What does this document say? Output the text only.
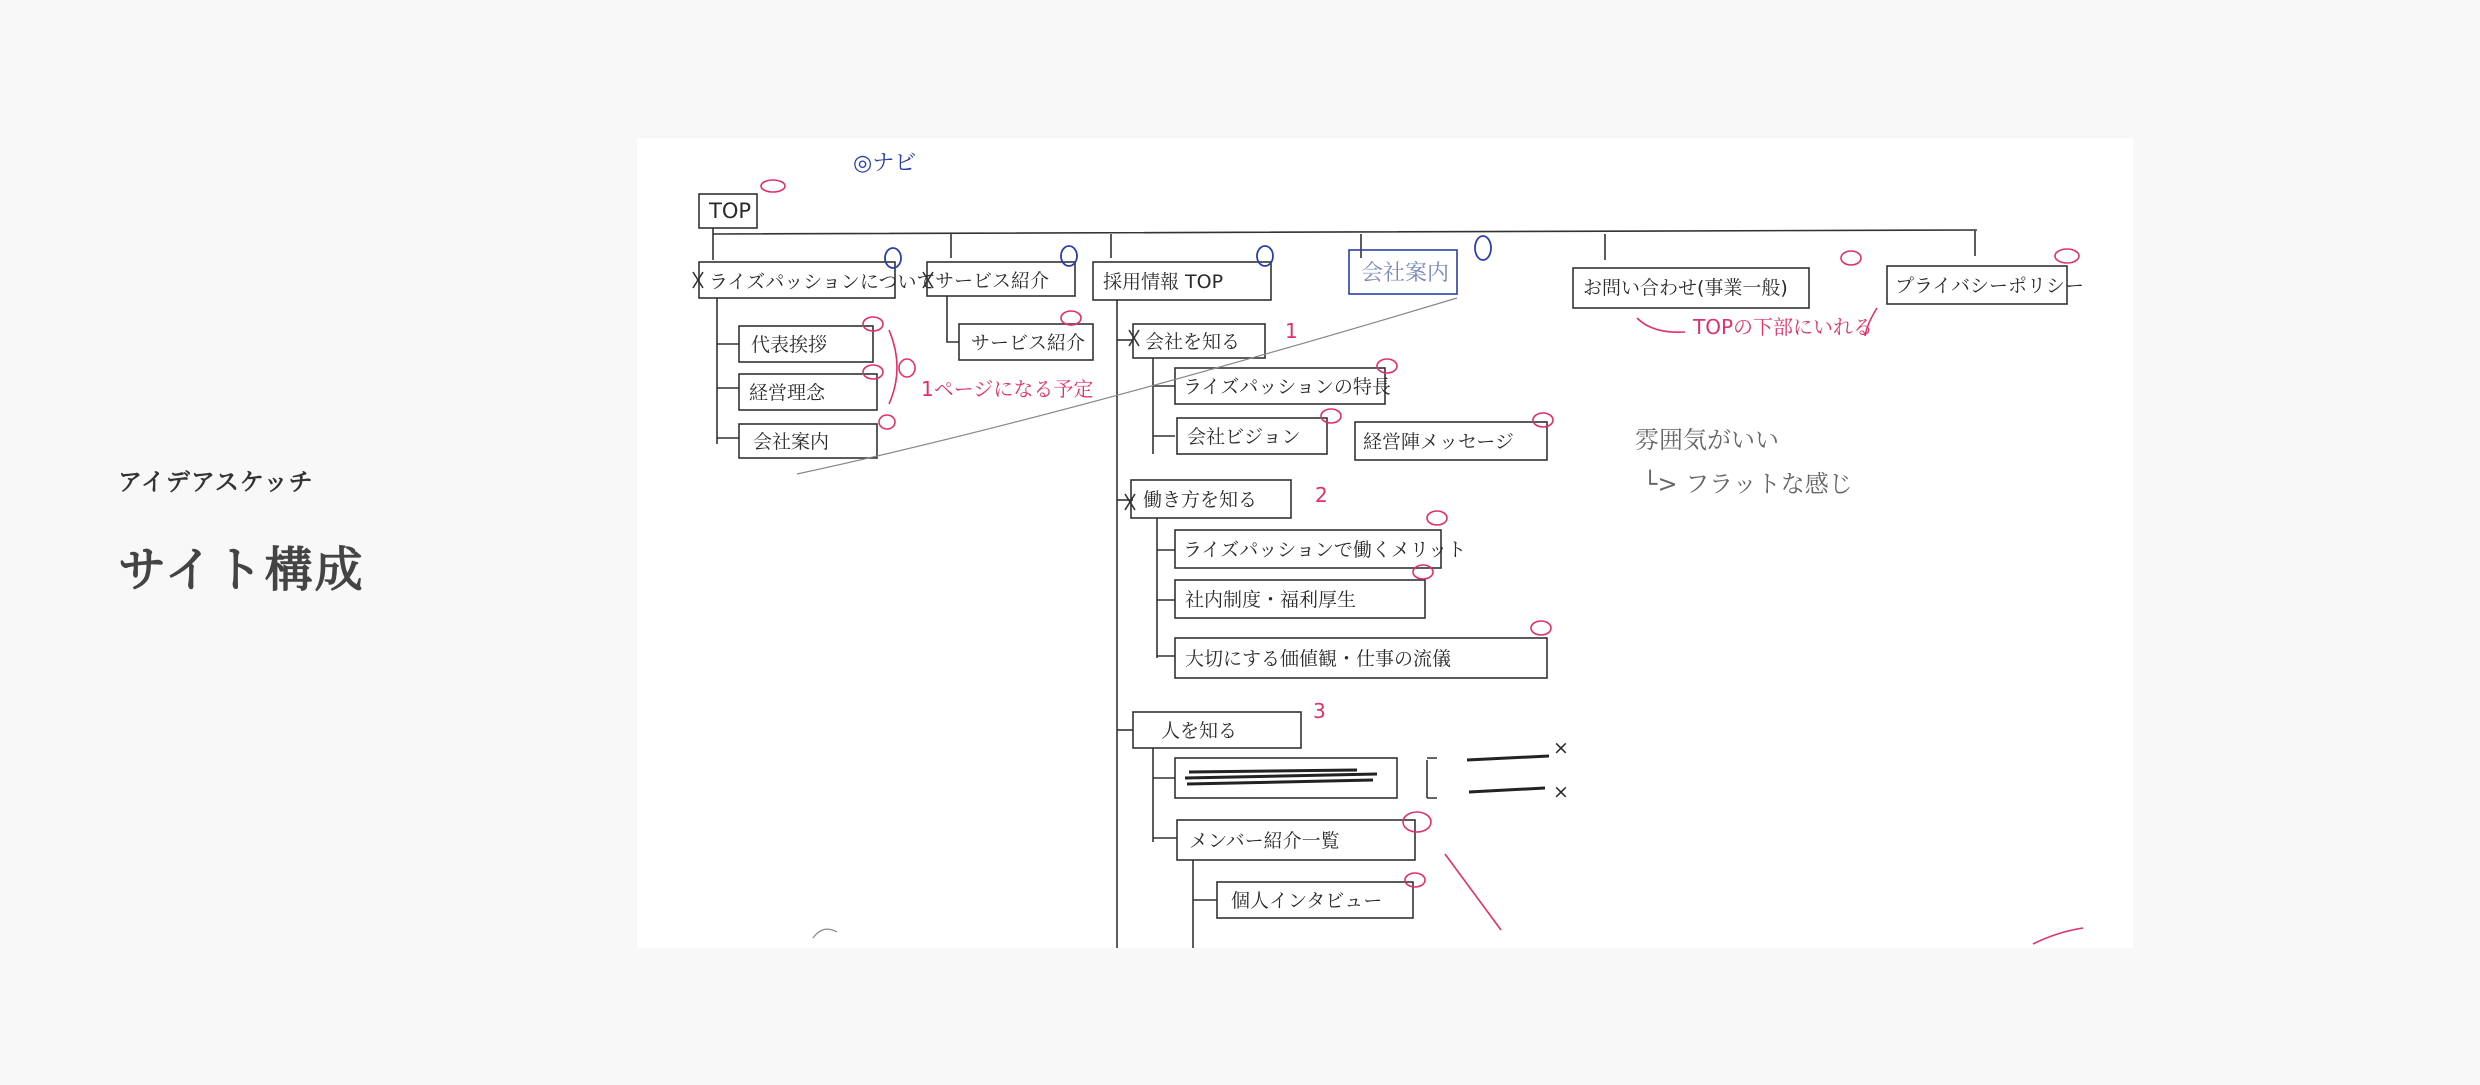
アイデアスケッチ

サイト構成
◎ナビ
TOP
ライズパッションについて
代表挨拶
経営理念
会社案内
サービス紹介
サービス紹介
1ページになる予定
採用情報 TOP
会社を知る 1
ライズパッションの特長
会社ビジョン	経営陣メッセージ
働き方を知る	2
ライズパッションで働くメリット
社内制度・福利厚生
大切にする価値観・仕事の流儀
人を知る
3
×
×
メンバー紹介一覧
個人インタビュー
会社案内
お問い合わせ(事業一般)	プライバシーポリシー
TOPの下部にいれる
雰囲気がいい
└> フラットな感じ
